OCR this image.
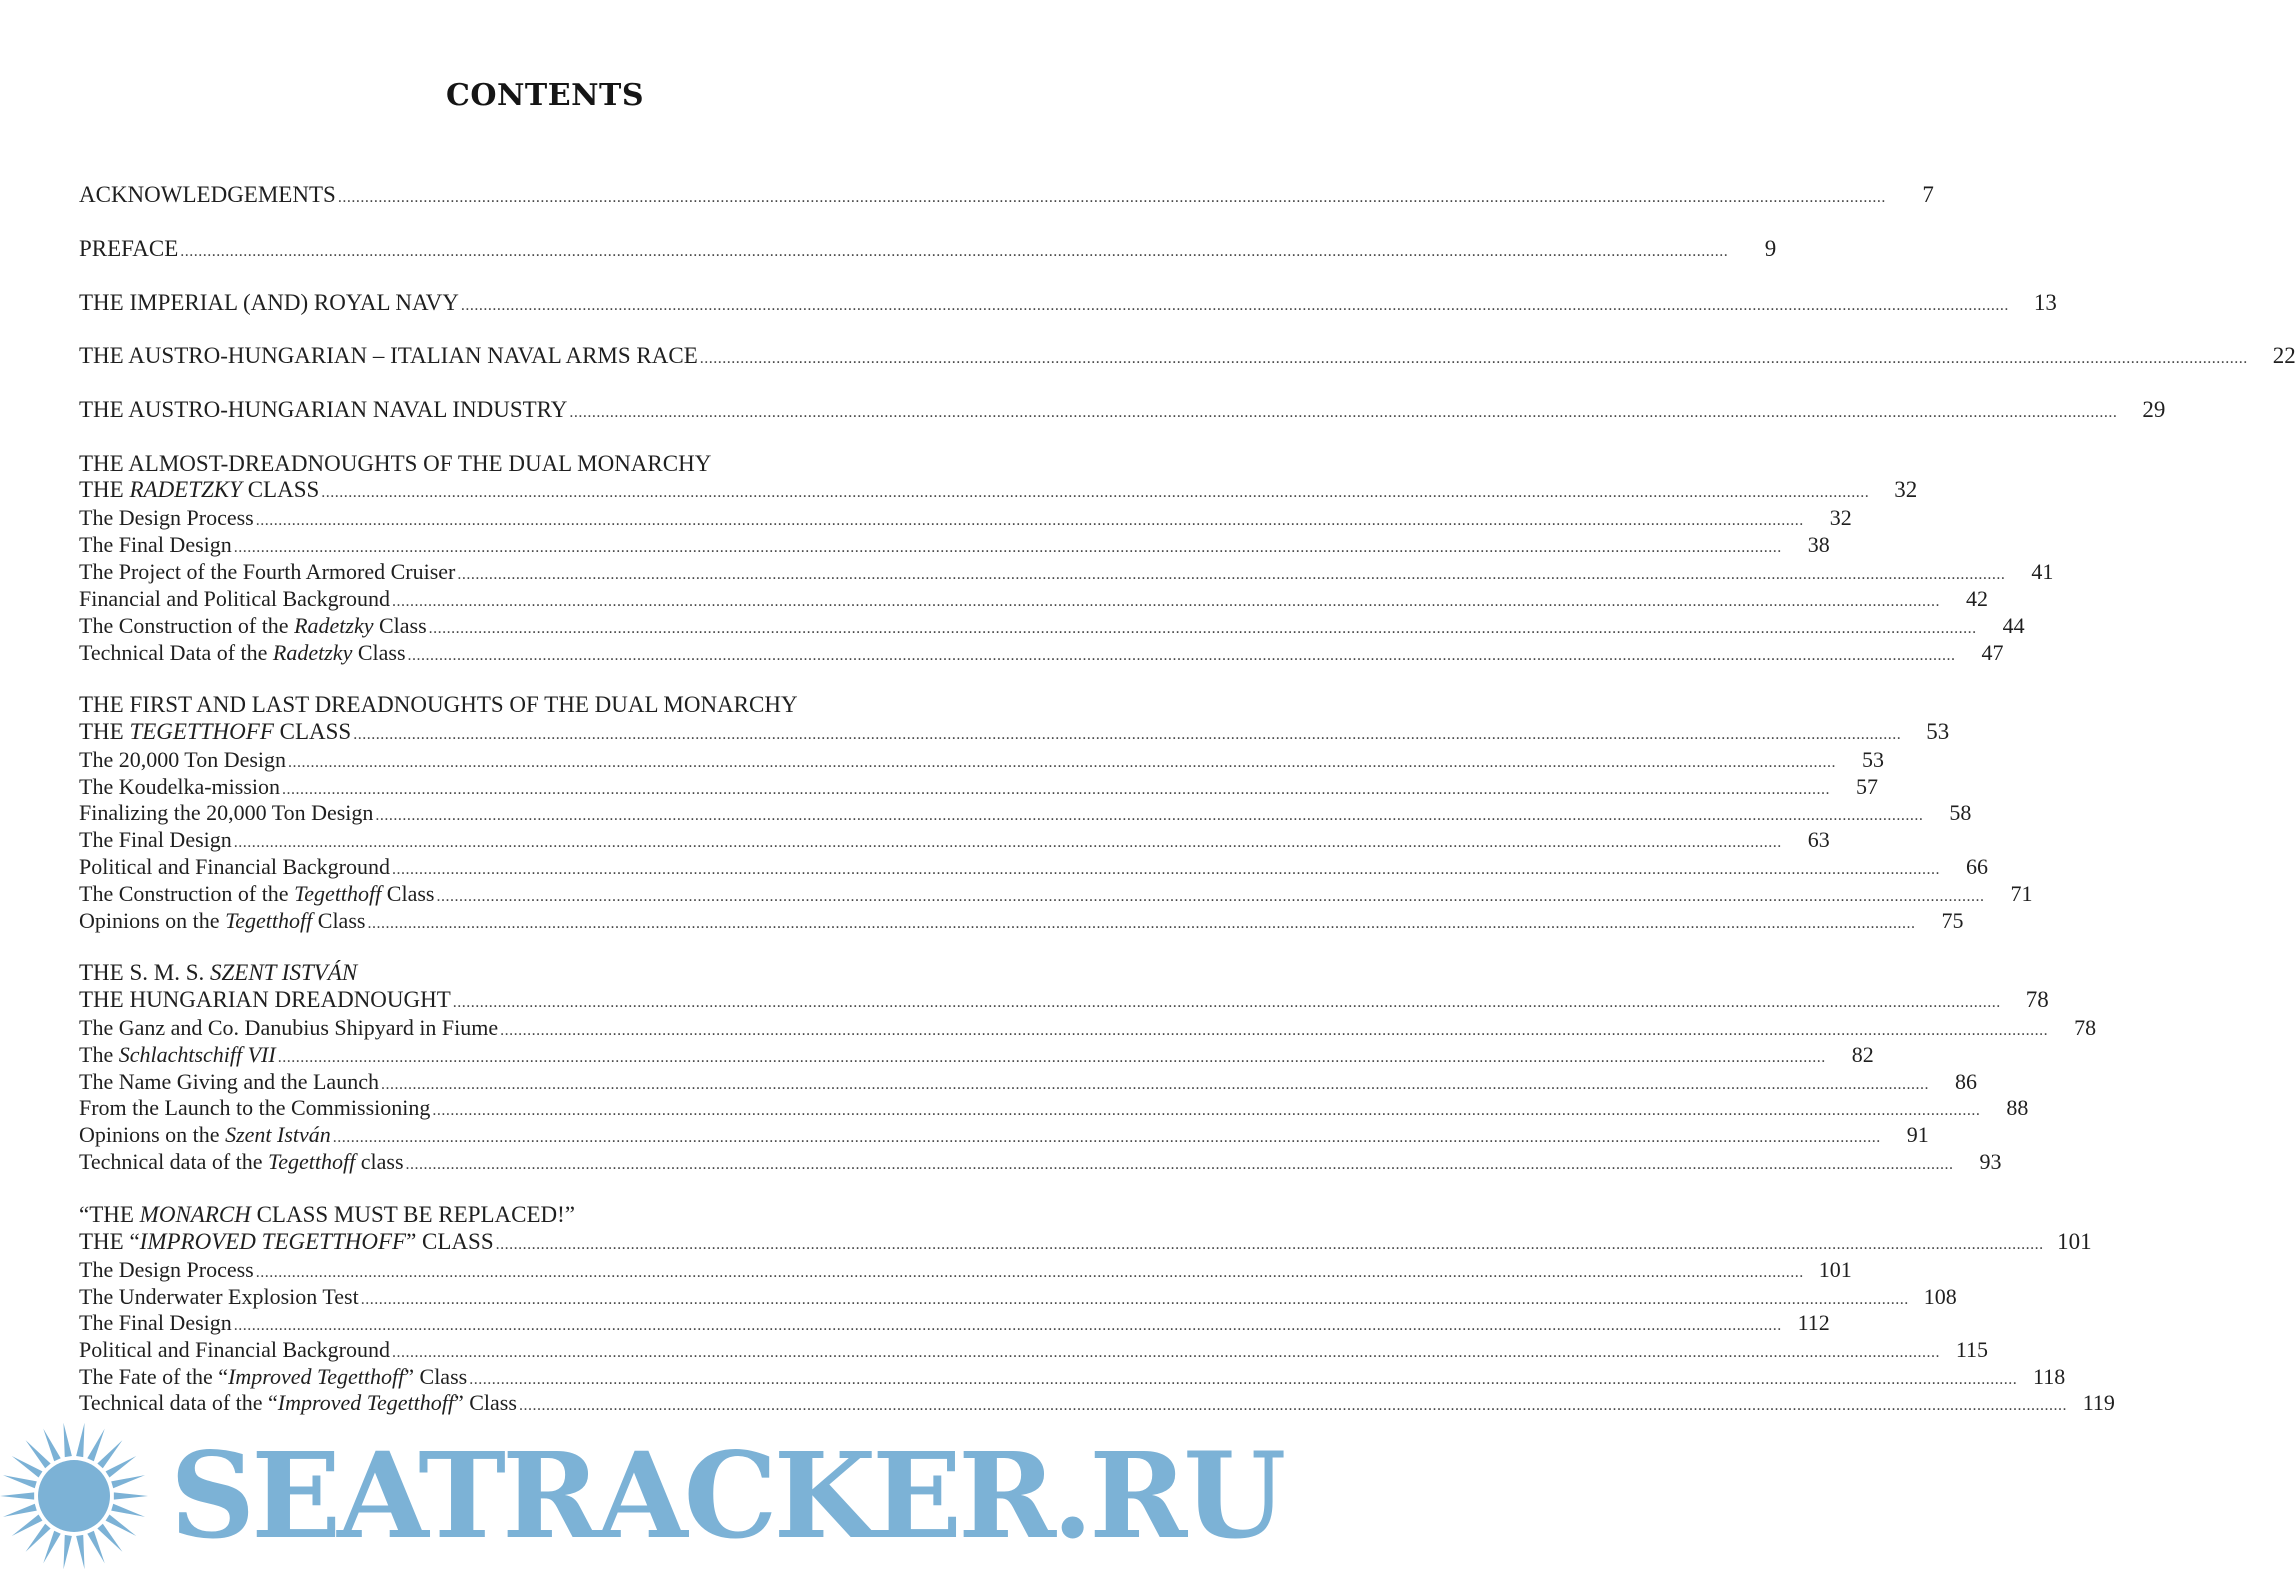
CONTENTS
ACKNOWLEDGEMENTS .....	7
PREFACE .....	9
THE IMPERIAL (AND) ROYAL NAVY .....	13
THE AUSTRO-HUNGARIAN – ITALIAN NAVAL ARMS RACE .....	22
THE AUSTRO-HUNGARIAN NAVAL INDUSTRY .....	29
THE ALMOST-DREADNOUGHTS OF THE DUAL MONARCHY
THE RADETZKY CLASS .....	32
The Design Process .....	32
The Final Design .....	38
The Project of the Fourth Armored Cruiser .....	41
Financial and Political Background .....	42
The Construction of the Radetzky Class .....	44
Technical Data of the Radetzky Class .....	47
THE FIRST AND LAST DREADNOUGHTS OF THE DUAL MONARCHY
THE TEGETTHOFF CLASS .....	53
The 20,000 Ton Design .....	53
The Koudelka-mission .....	57
Finalizing the 20,000 Ton Design .....	58
The Final Design .....	63
Political and Financial Background .....	66
The Construction of the Tegetthoff Class .....	71
Opinions on the Tegetthoff Class .....	75
THE S. M. S. SZENT ISTVÁN
THE HUNGARIAN DREADNOUGHT .....	78
The Ganz and Co. Danubius Shipyard in Fiume .....	78
The Schlachtschiff VII .....	82
The Name Giving and the Launch .....	86
From the Launch to the Commissioning .....	88
Opinions on the Szent István .....	91
Technical data of the Tegetthoff class .....	93
“THE MONARCH CLASS MUST BE REPLACED!”
THE “IMPROVED TEGETTHOFF” CLASS .....	101
The Design Process .....	101
The Underwater Explosion Test .....	108
The Final Design .....	112
Political and Financial Background .....	115
The Fate of the “Improved Tegetthoff” Class .....	118
Technical data of the “Improved Tegetthoff” Class .....	119
SEATRACKER.RU
